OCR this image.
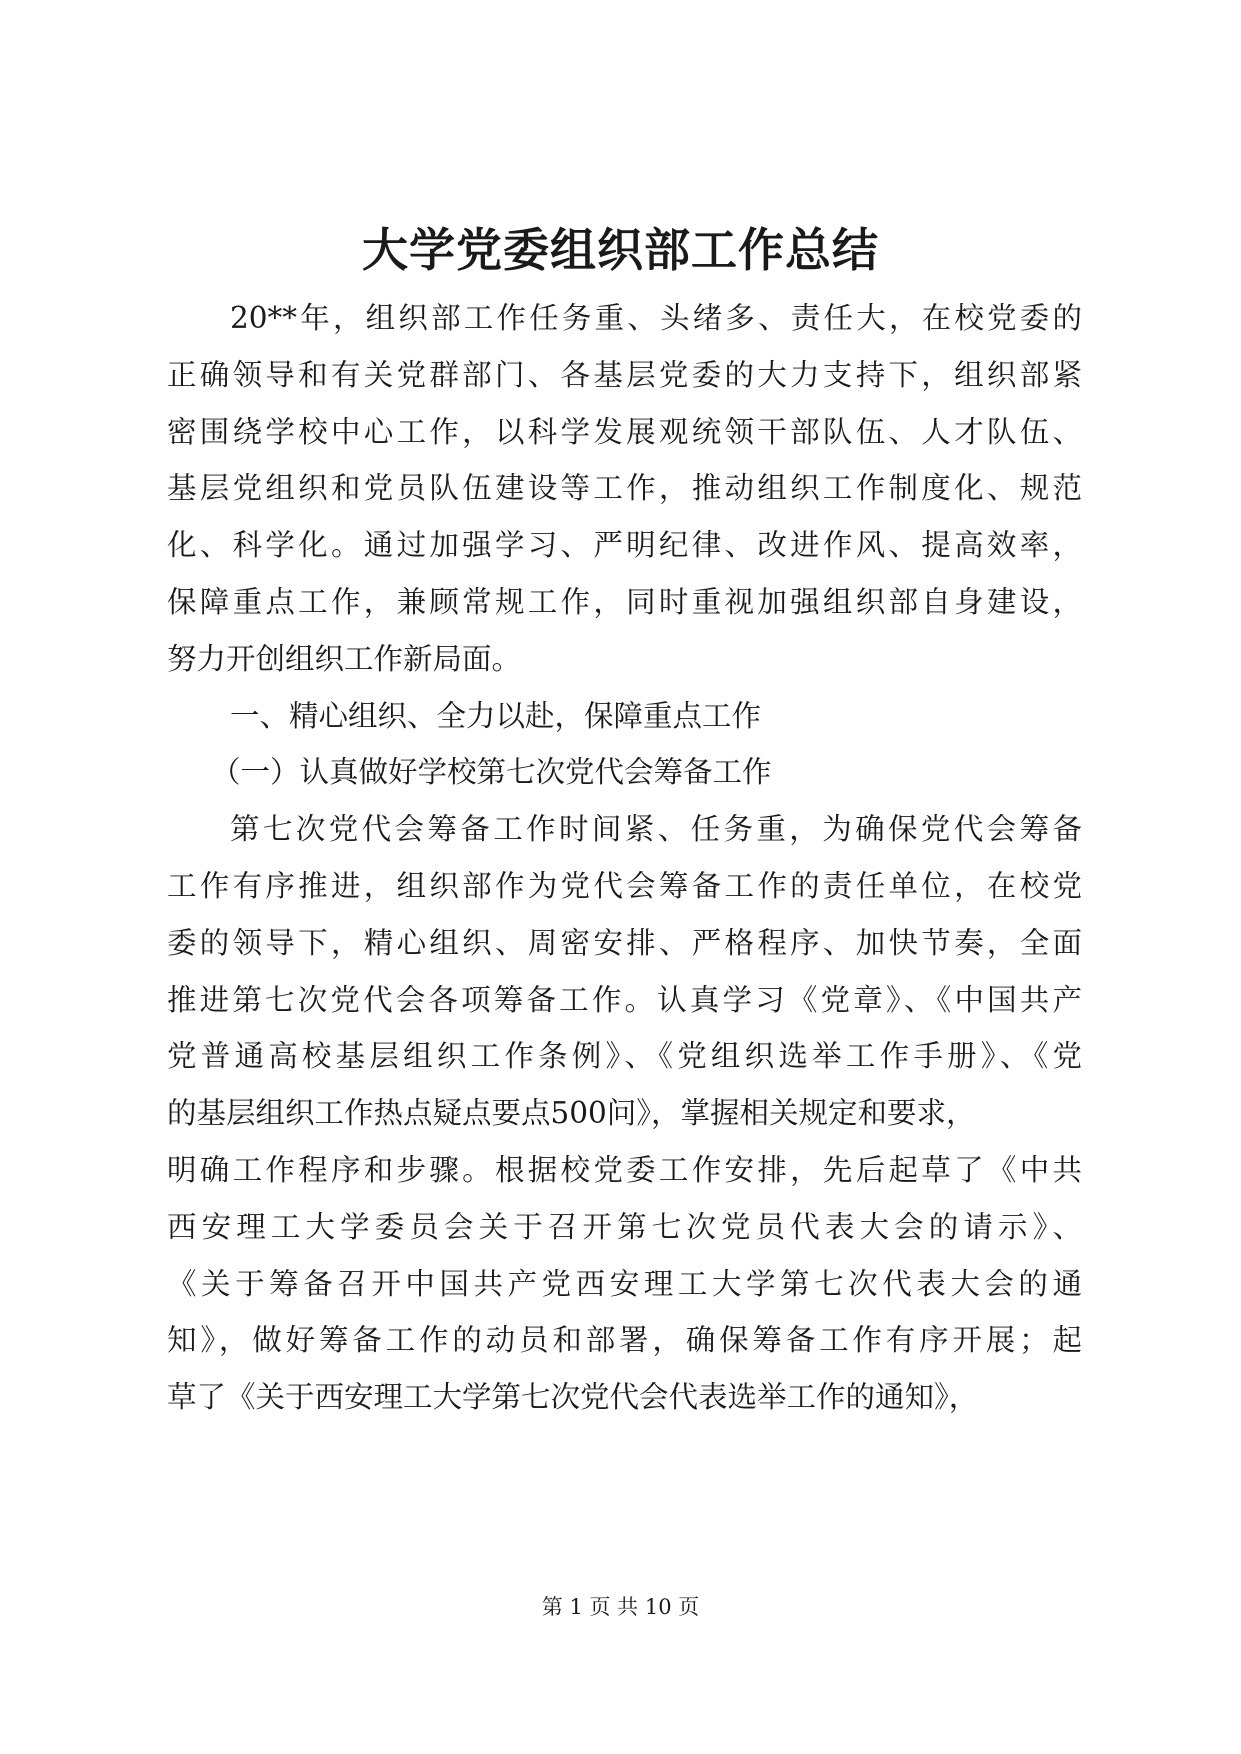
大学党委组织部工作总结
20**年，组织部工作任务重、头绪多、责任大，在校党委的
正确领导和有关党群部门、各基层党委的大力支持下，组织部紧
密围绕学校中心工作，以科学发展观统领干部队伍、人才队伍、
基层党组织和党员队伍建设等工作，推动组织工作制度化、规范
化、科学化。通过加强学习、严明纪律、改进作风、提高效率，
保障重点工作，兼顾常规工作，同时重视加强组织部自身建设，
努力开创组织工作新局面。
一、精心组织、全力以赴，保障重点工作
（一）认真做好学校第七次党代会筹备工作
第七次党代会筹备工作时间紧、任务重，为确保党代会筹备
工作有序推进，组织部作为党代会筹备工作的责任单位，在校党
委的领导下，精心组织、周密安排、严格程序、加快节奏，全面
推进第七次党代会各项筹备工作。认真学习《党章》、《中国共产
党普通高校基层组织工作条例》、《党组织选举工作手册》、《党
的基层组织工作热点疑点要点500问》，掌握相关规定和要求，
明确工作程序和步骤。根据校党委工作安排，先后起草了《中共
西安理工大学委员会关于召开第七次党员代表大会的请示》、
《关于筹备召开中国共产党西安理工大学第七次代表大会的通
知》，做好筹备工作的动员和部署，确保筹备工作有序开展；起
草了《关于西安理工大学第七次党代会代表选举工作的通知》，
第 1 页 共 10 页
